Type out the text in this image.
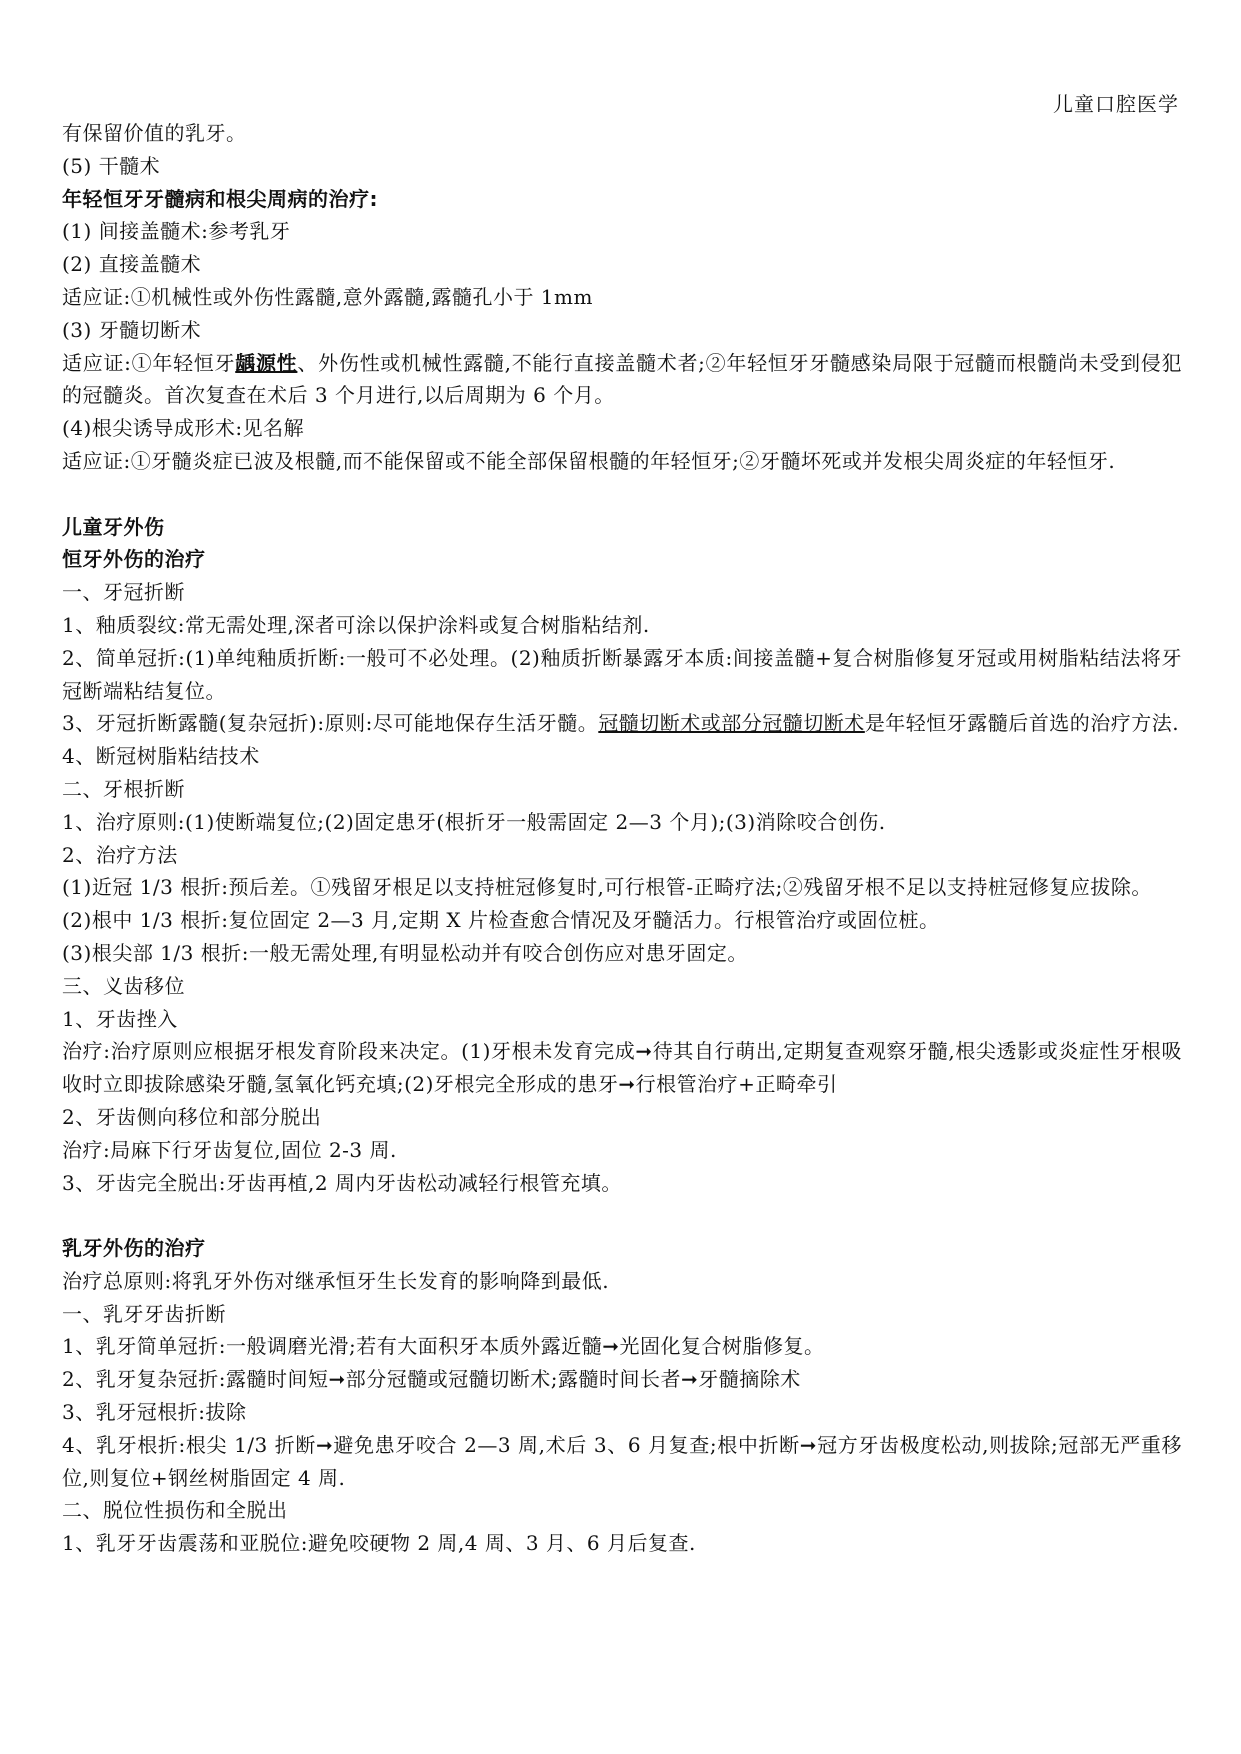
儿童口腔医学
有保留价值的乳牙。
(5) 干髓术
年轻恒牙牙髓病和根尖周病的治疗:
(1) 间接盖髓术:参考乳牙
(2) 直接盖髓术
适应证:①机械性或外伤性露髓,意外露髓,露髓孔小于 1mm
(3) 牙髓切断术
适应证:①年轻恒牙龋源性、外伤性或机械性露髓,不能行直接盖髓术者;②年轻恒牙牙髓感染局限于冠髓而根髓尚未受到侵犯的冠髓炎。首次复查在术后 3 个月进行,以后周期为 6 个月。
(4)根尖诱导成形术:见名解
适应证:①牙髓炎症已波及根髓,而不能保留或不能全部保留根髓的年轻恒牙;②牙髓坏死或并发根尖周炎症的年轻恒牙.
儿童牙外伤
恒牙外伤的治疗
一、牙冠折断
1、釉质裂纹:常无需处理,深者可涂以保护涂料或复合树脂粘结剂.
2、简单冠折:(1)单纯釉质折断:一般可不必处理。(2)釉质折断暴露牙本质:间接盖髓+复合树脂修复牙冠或用树脂粘结法将牙冠断端粘结复位。
3、牙冠折断露髓(复杂冠折):原则:尽可能地保存生活牙髓。冠髓切断术或部分冠髓切断术是年轻恒牙露髓后首选的治疗方法.
4、断冠树脂粘结技术
二、牙根折断
1、治疗原则:(1)使断端复位;(2)固定患牙(根折牙一般需固定 2—3 个月);(3)消除咬合创伤.
2、治疗方法
(1)近冠 1/3 根折:预后差。①残留牙根足以支持桩冠修复时,可行根管-正畸疗法;②残留牙根不足以支持桩冠修复应拔除。
(2)根中 1/3 根折:复位固定 2—3 月,定期 X 片检查愈合情况及牙髓活力。行根管治疗或固位桩。
(3)根尖部 1/3 根折:一般无需处理,有明显松动并有咬合创伤应对患牙固定。
三、义齿移位
1、牙齿挫入
治疗:治疗原则应根据牙根发育阶段来决定。(1)牙根未发育完成➞待其自行萌出,定期复查观察牙髓,根尖透影或炎症性牙根吸收时立即拔除感染牙髓,氢氧化钙充填;(2)牙根完全形成的患牙➞行根管治疗+正畸牵引
2、牙齿侧向移位和部分脱出
治疗:局麻下行牙齿复位,固位 2-3 周.
3、牙齿完全脱出:牙齿再植,2 周内牙齿松动减轻行根管充填。
乳牙外伤的治疗
治疗总原则:将乳牙外伤对继承恒牙生长发育的影响降到最低.
一、乳牙牙齿折断
1、乳牙简单冠折:一般调磨光滑;若有大面积牙本质外露近髓➞光固化复合树脂修复。
2、乳牙复杂冠折:露髓时间短➞部分冠髓或冠髓切断术;露髓时间长者➞牙髓摘除术
3、乳牙冠根折:拔除
4、乳牙根折:根尖 1/3 折断➞避免患牙咬合 2—3 周,术后 3、6 月复查;根中折断➞冠方牙齿极度松动,则拔除;冠部无严重移位,则复位+钢丝树脂固定 4 周.
二、脱位性损伤和全脱出
1、乳牙牙齿震荡和亚脱位:避免咬硬物 2 周,4 周、3 月、6 月后复查.
